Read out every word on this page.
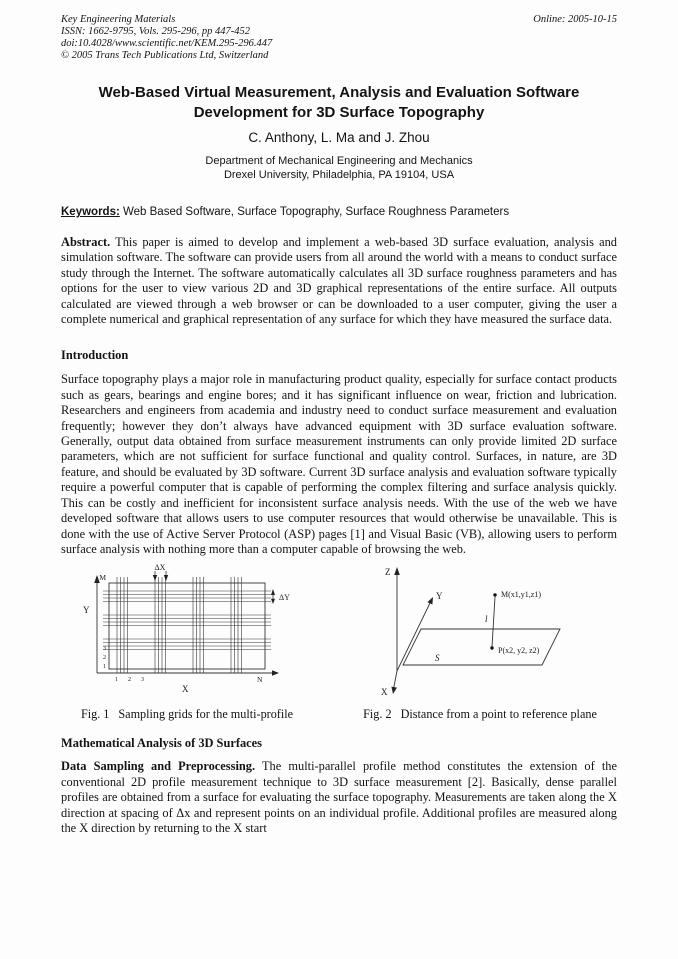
Key Engineering Materials
ISSN: 1662-9795, Vols. 295-296, pp 447-452
doi:10.4028/www.scientific.net/KEM.295-296.447
© 2005 Trans Tech Publications Ltd, Switzerland
Online: 2005-10-15
Web-Based Virtual Measurement, Analysis and Evaluation Software
Development for 3D Surface Topography
C. Anthony, L. Ma and J. Zhou
Department of Mechanical Engineering and Mechanics
Drexel University, Philadelphia, PA 19104, USA

Keywords: Web Based Software, Surface Topography, Surface Roughness Parameters

Abstract. This paper is aimed to develop and implement a web-based 3D surface evaluation, analysis and simulation software. The software can provide users from all around the world with a means to conduct surface study through the Internet. The software automatically calculates all 3D surface roughness parameters and has options for the user to view various 2D and 3D graphical representations of the entire surface. All outputs calculated are viewed through a web browser or can be downloaded to a user computer, giving the user a complete numerical and graphical representation of any surface for which they have measured the surface data.

Introduction

Surface topography plays a major role in manufacturing product quality, especially for surface contact products such as gears, bearings and engine bores; and it has significant influence on wear, friction and lubrication. Researchers and engineers from academia and industry need to conduct surface measurement and evaluation frequently; however they don’t always have advanced equipment with 3D surface evaluation software. Generally, output data obtained from surface measurement instruments can only provide limited 2D surface parameters, which are not sufficient for surface functional and quality control. Surfaces, in nature, are 3D feature, and should be evaluated by 3D software. Current 3D surface analysis and evaluation software typically require a powerful computer that is capable of performing the complex filtering and surface analysis quickly. This can be costly and inefficient for inconsistent surface analysis needs. With the use of the web we have developed software that allows users to use computer resources that would otherwise be unavailable. This is done with the use of Active Server Protocol (ASP) pages [1] and Visual Basic (VB), allowing users to perform surface analysis with nothing more than a computer capable of browsing the web.

ΔX
ΔY
Y
X
M
3
2
1
1 2 3	N
Fig. 1 Sampling grids for the multi-profile
Z
Y
X
M(x1,y1,z1)
P(x2, y2, z2)
S
l
Fig. 2 Distance from a point to reference plane
Mathematical Analysis of 3D Surfaces

Data Sampling and Preprocessing. The multi-parallel profile method constitutes the extension of the conventional 2D profile measurement technique to 3D surface measurement [2]. Basically, dense parallel profiles are obtained from a surface for evaluating the surface topography. Measurements are taken along the X direction at spacing of Δx and represent points on an individual profile. Additional profiles are measured along the X direction by returning to the X start
